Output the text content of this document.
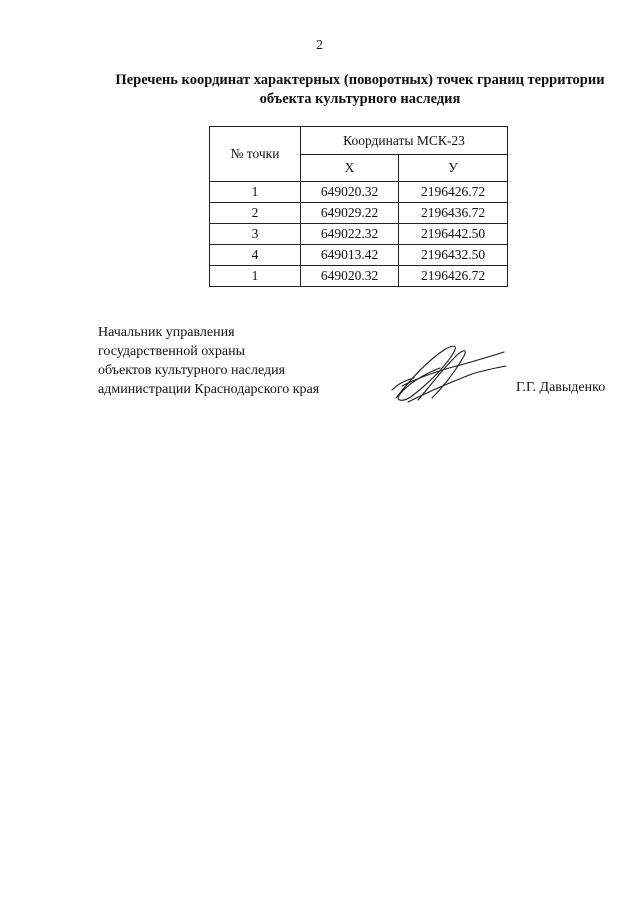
2
Перечень координат характерных (поворотных) точек границ территории
объекта культурного наследия
№ точки	Координаты МСК-23	
	Х	У
1	649020.32	2196426.72
2	649029.22	2196436.72
3	649022.32	2196442.50
4	649013.42	2196432.50
1	649020.32	2196426.72
Начальник управления
государственной охраны
объектов культурного наследия
администрации Краснодарского края	Г.Г. Давыденко
